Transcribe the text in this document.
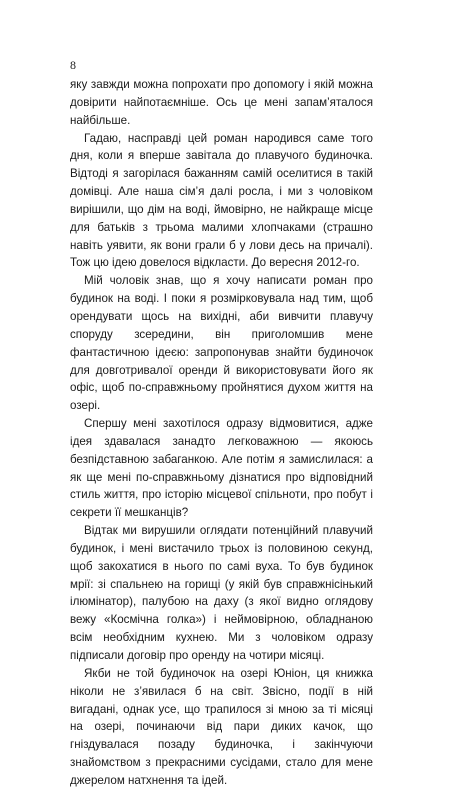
8

яку завжди можна попрохати про допомогу і якій можна довірити найпотаємніше. Ось це мені запам’яталося найбільше.

Гадаю, насправді цей роман народився саме того дня, коли я вперше завітала до плавучого будиночка. Відтоді я загорілася бажанням самій оселитися в такій домівці. Але наша сім’я далі росла, і ми з чоловіком вирішили, що дім на воді, ймовірно, не найкраще місце для батьків з трьома малими хлопчаками (страшно навіть уявити, як вони грали б у лови десь на причалі). Тож цю ідею довелося відкласти. До вересня 2012-го.

Мій чоловік знав, що я хочу написати роман про будинок на воді. І поки я розмірковувала над тим, щоб орендувати щось на вихідні, аби вивчити плавучу споруду зсередини, він приголомшив мене фантастичною ідеєю: запропонував знайти будиночок для довготривалої оренди й використовувати його як офіс, щоб по-справжньому пройнятися духом життя на озері.

Спершу мені захотілося одразу відмовитися, адже ідея здавалася занадто легковажною — якоюсь безпідставною забаганкою. Але потім я замислилася: а як ще мені по-справжньому дізнатися про відповідний стиль життя, про історію місцевої спільноти, про побут і секрети її мешканців?

Відтак ми вирушили оглядати потенційний плавучий будинок, і мені вистачило трьох із половиною секунд, щоб закохатися в нього по самі вуха. То був будинок мрії: зі спальнею на горищі (у якій був справжнісінький ілюмінатор), палубою на даху (з якої видно оглядову вежу «Космічна голка») і неймовірною, обладнаною всім необхідним кухнею. Ми з чоловіком одразу підписали договір про оренду на чотири місяці.

Якби не той будиночок на озері Юніон, ця книжка ніколи не з’явилася б на світ. Звісно, події в ній вигадані, однак усе, що трапилося зі мною за ті місяці на озері, починаючи від пари диких качок, що гніздувалася позаду будиночка, і закінчуючи знайомством з прекрасними сусідами, стало для мене джерелом натхнення та ідей.
